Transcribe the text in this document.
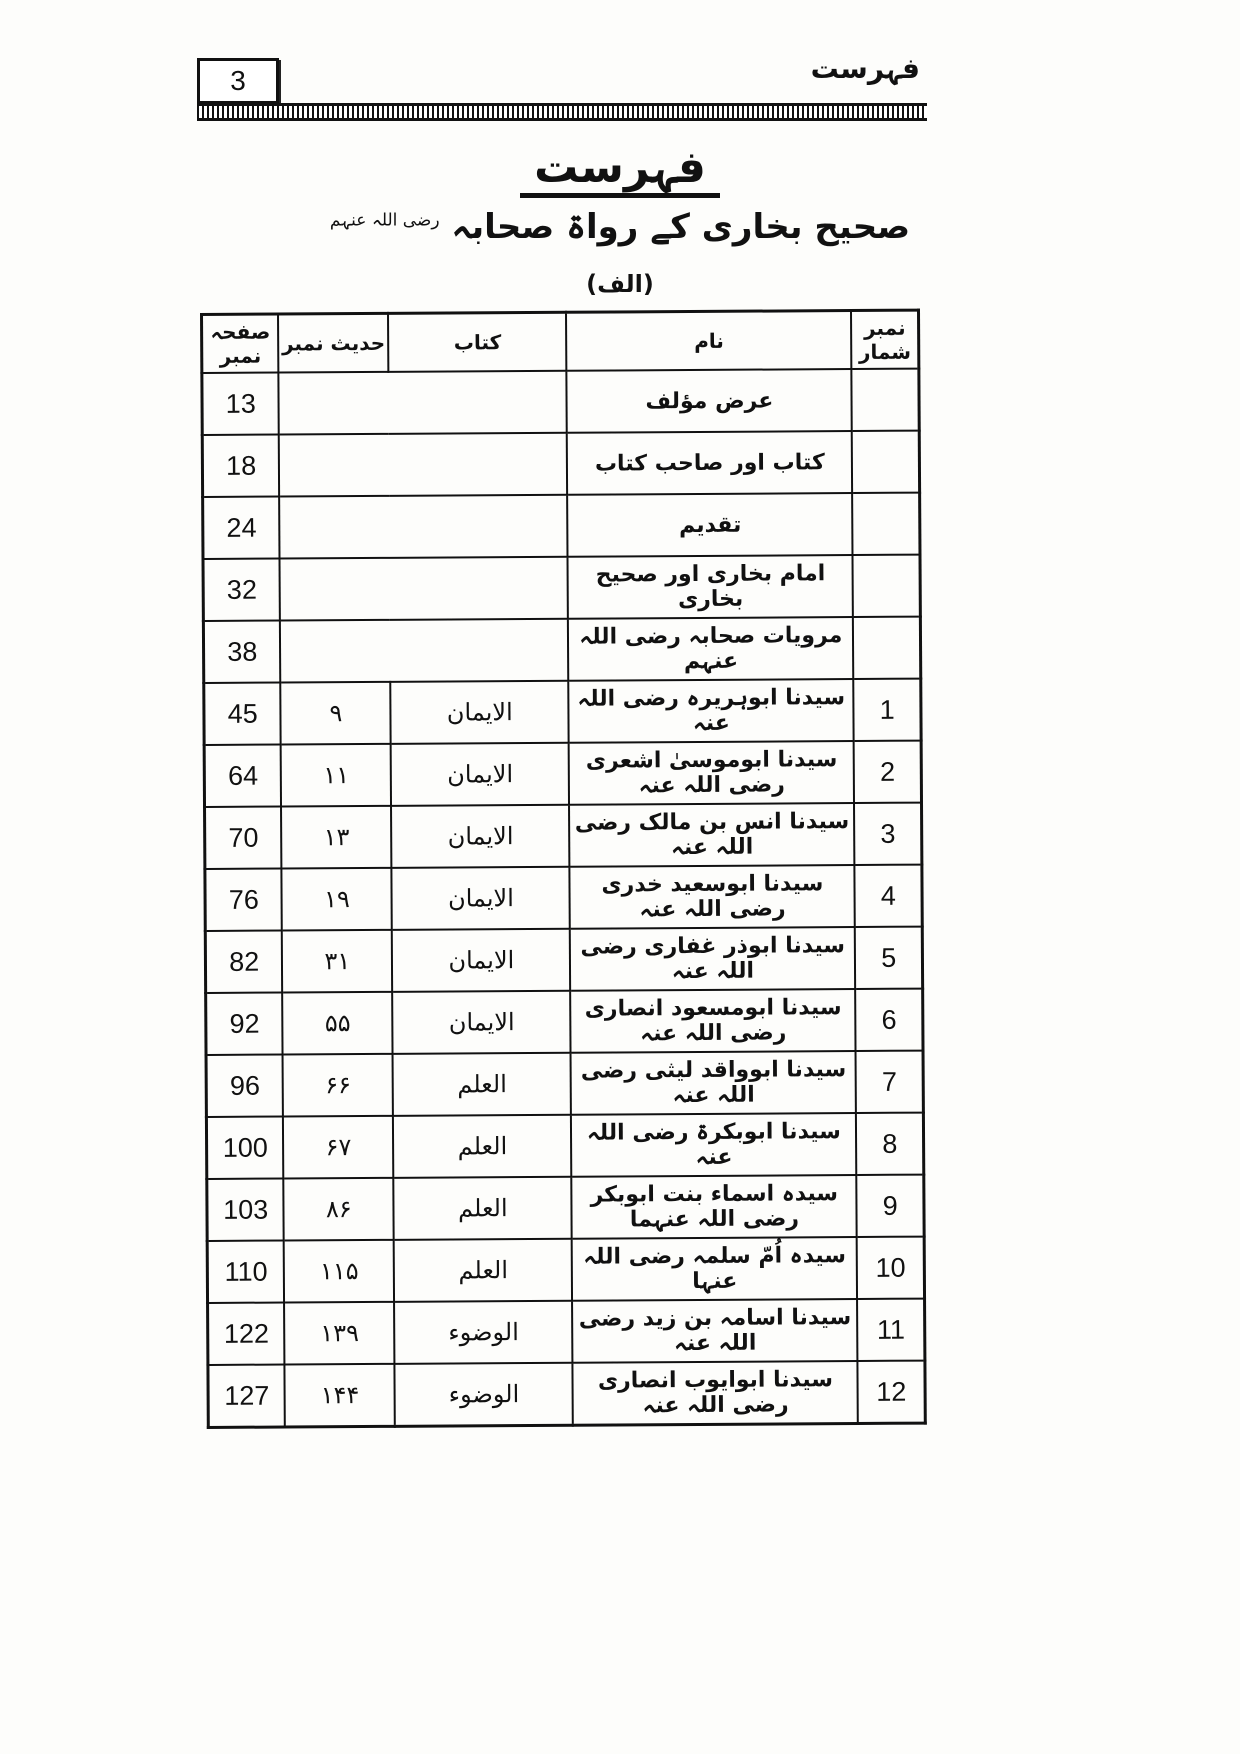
3	فہرست
فہرست
صحیح بخاری کے رواۃ صحابہ $^{رضی اللہ عنہم}$
(الف)
صفحہ نمبر	حدیث نمبر	کتاب	نام	نمبر شمار
13			عرض مؤلف	
18			کتاب اور صاحب کتاب	
24			تقدیم	
32			امام بخاری اور صحیح بخاری	
38			مرویات صحابہ رضی اللہ عنہم	
45	۹	الایمان	سیدنا ابوہریرہ رضی اللہ عنہ	1
64	۱۱	الایمان	سیدنا ابوموسیٰ اشعری رضی اللہ عنہ	2
70	۱۳	الایمان	سیدنا انس بن مالک رضی اللہ عنہ	3
76	۱۹	الایمان	سیدنا ابوسعید خدری رضی اللہ عنہ	4
82	۳۱	الایمان	سیدنا ابوذر غفاری رضی اللہ عنہ	5
92	۵۵	الایمان	سیدنا ابومسعود انصاری رضی اللہ عنہ	6
96	۶۶	العلم	سیدنا ابوواقد لیثی رضی اللہ عنہ	7
100	۶۷	العلم	سیدنا ابوبکرۃ رضی اللہ عنہ	8
103	۸۶	العلم	سیدہ اسماء بنت ابوبکر رضی اللہ عنہما	9
110	۱۱۵	العلم	سیدہ اُمّ سلمہ رضی اللہ عنہا	10
122	۱۳۹	الوضوء	سیدنا اسامہ بن زید رضی اللہ عنہ	11
127	۱۴۴	الوضوء	سیدنا ابوایوب انصاری رضی اللہ عنہ	12
